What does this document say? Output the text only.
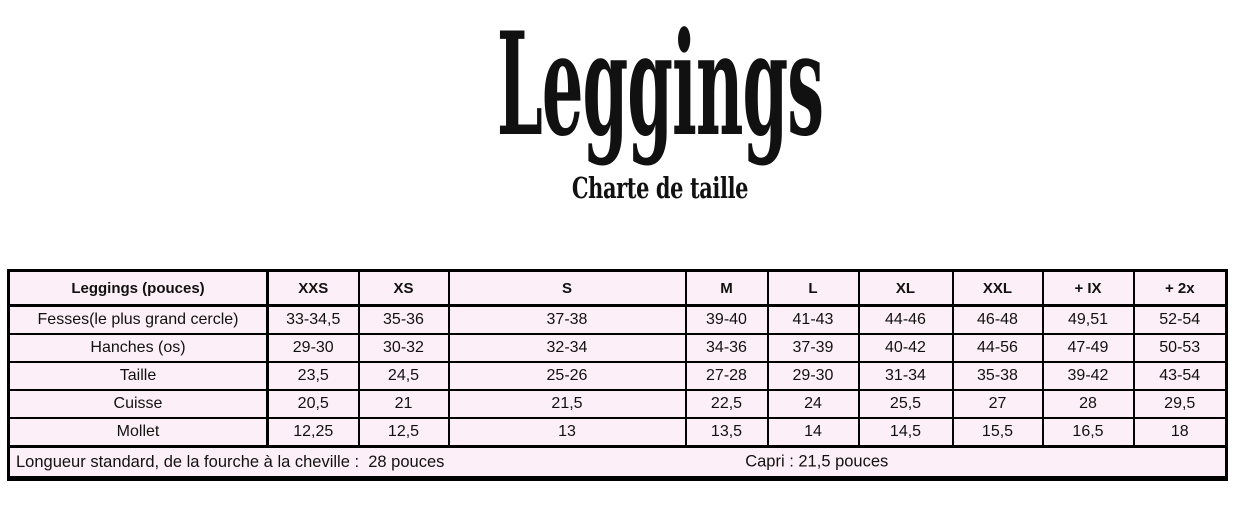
Leggings
Charte de taille
Leggings (pouces)	XXS	XS	S	M	L	XL	XXL	+ IX	+ 2x
Fesses(le plus grand cercle)	33-34,5	35-36	37-38	39-40	41-43	44-46	46-48	49,51	52-54
Hanches (os)	29-30	30-32	32-34	34-36	37-39	40-42	44-56	47-49	50-53
Taille	23,5	24,5	25-26	27-28	29-30	31-34	35-38	39-42	43-54
Cuisse	20,5	21	21,5	22,5	24	25,5	27	28	29,5
Mollet	12,25	12,5	13	13,5	14	14,5	15,5	16,5	18
Longueur standard, de la fourche à la cheville :  28 pouces Capri : 21,5 pouces									
